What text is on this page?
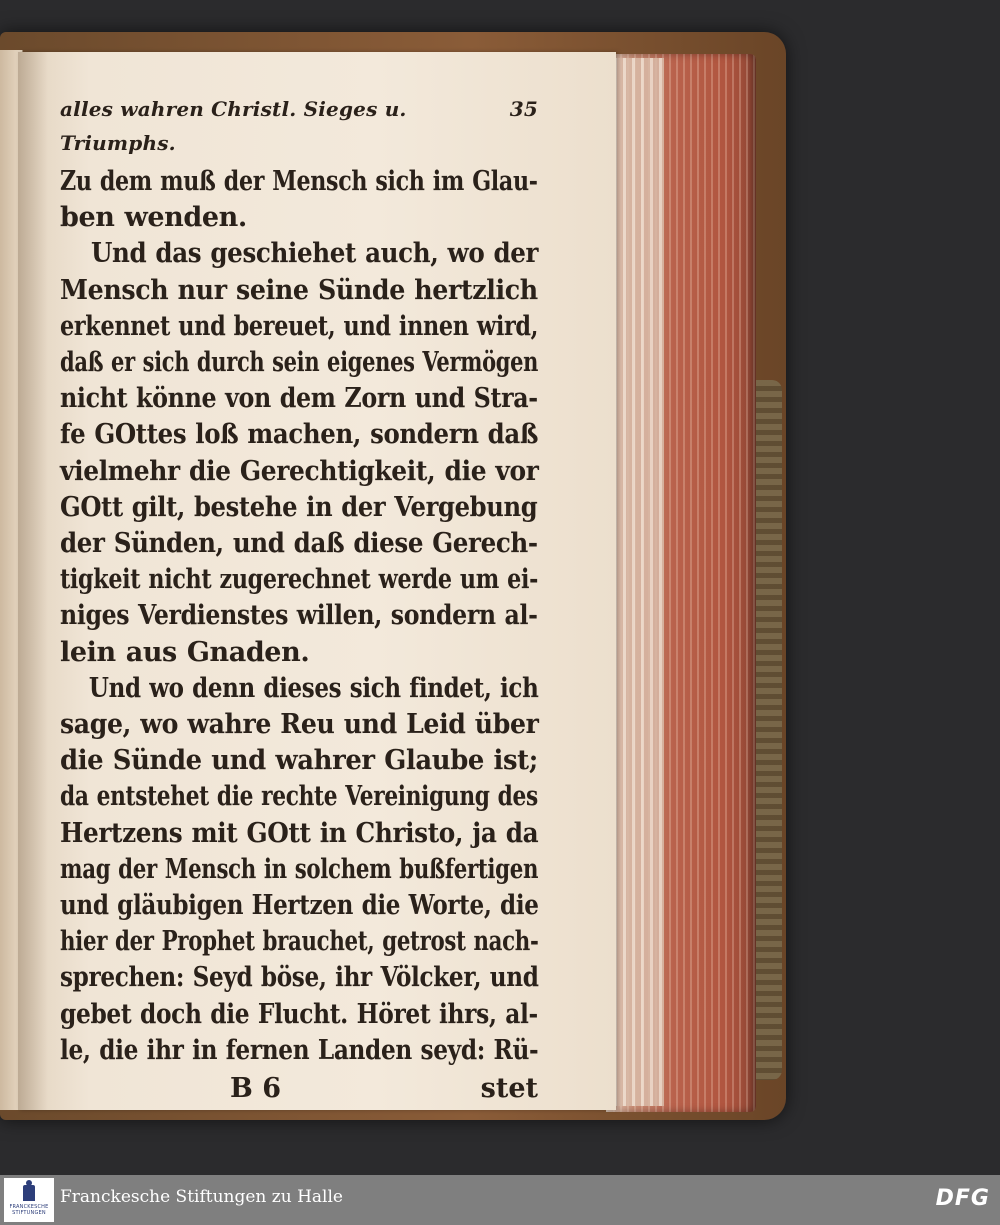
alles wahren Christl. Sieges u. Triumphs.
35
Zu dem muß der Mensch sich im Glau-
ben wenden.
Und das geschiehet auch, wo der
Mensch nur seine Sünde hertzlich
erkennet und bereuet, und innen wird,
daß er sich durch sein eigenes Vermögen
nicht könne von dem Zorn und Stra-
fe GOttes loß machen, sondern daß
vielmehr die Gerechtigkeit, die vor
GOtt gilt, bestehe in der Vergebung
der Sünden, und daß diese Gerech-
tigkeit nicht zugerechnet werde um ei-
niges Verdienstes willen, sondern al-
lein aus Gnaden.
Und wo denn dieses sich findet, ich
sage, wo wahre Reu und Leid über
die Sünde und wahrer Glaube ist;
da entstehet die rechte Vereinigung des
Hertzens mit GOtt in Christo, ja da
mag der Mensch in solchem bußfertigen
und gläubigen Hertzen die Worte, die
hier der Prophet brauchet, getrost nach-
sprechen: Seyd böse, ihr Völcker, und
gebet doch die Flucht. Höret ihrs, al-
le, die ihr in fernen Landen seyd: Rü-
B 6	stet
FRANCKESCHE
STIFTUNGEN
Franckesche Stiftungen zu Halle	DFG
